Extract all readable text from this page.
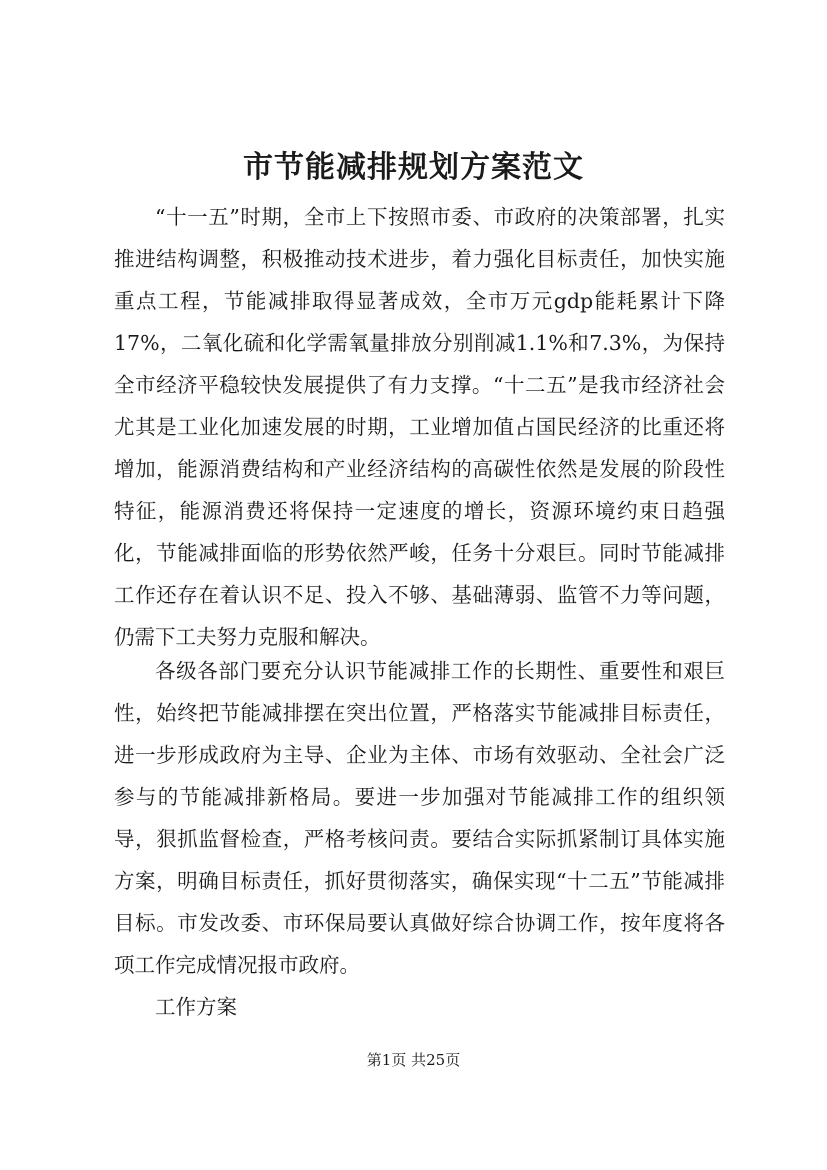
市节能减排规划方案范文

“十一五”时期，全市上下按照市委、市政府的决策部署，扎实推进结构调整，积极推动技术进步，着力强化目标责任，加快实施重点工程，节能减排取得显著成效，全市万元gdp能耗累计下降17%，二氧化硫和化学需氧量排放分别削减1.1%和7.3%，为保持全市经济平稳较快发展提供了有力支撑。“十二五”是我市经济社会尤其是工业化加速发展的时期，工业增加值占国民经济的比重还将增加，能源消费结构和产业经济结构的高碳性依然是发展的阶段性特征，能源消费还将保持一定速度的增长，资源环境约束日趋强化，节能减排面临的形势依然严峻，任务十分艰巨。同时节能减排工作还存在着认识不足、投入不够、基础薄弱、监管不力等问题，仍需下工夫努力克服和解决。

各级各部门要充分认识节能减排工作的长期性、重要性和艰巨性，始终把节能减排摆在突出位置，严格落实节能减排目标责任，进一步形成政府为主导、企业为主体、市场有效驱动、全社会广泛参与的节能减排新格局。要进一步加强对节能减排工作的组织领导，狠抓监督检查，严格考核问责。要结合实际抓紧制订具体实施方案，明确目标责任，抓好贯彻落实，确保实现“十二五”节能减排目标。市发改委、市环保局要认真做好综合协调工作，按年度将各项工作完成情况报市政府。

工作方案

第1页 共25页
